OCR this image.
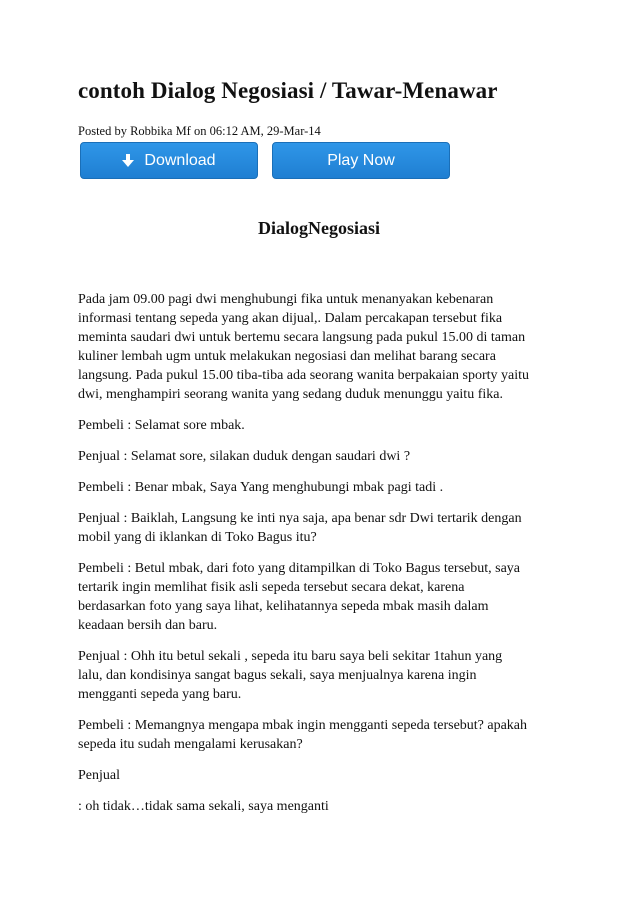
contoh Dialog Negosiasi / Tawar-Menawar
Posted by Robbika Mf on 06:12 AM, 29-Mar-14
Download	Play Now
DialogNegosiasi

Pada jam 09.00 pagi dwi menghubungi fika untuk menanyakan kebenaran
informasi tentang sepeda yang akan dijual,. Dalam percakapan tersebut fika
meminta saudari dwi untuk bertemu secara langsung pada pukul 15.00 di taman
kuliner lembah ugm untuk melakukan negosiasi dan melihat barang secara
langsung. Pada pukul 15.00 tiba-tiba ada seorang wanita berpakaian sporty yaitu
dwi, menghampiri seorang wanita yang sedang duduk menunggu yaitu fika.

Pembeli : Selamat sore mbak.

Penjual : Selamat sore, silakan duduk dengan saudari dwi ?

Pembeli : Benar mbak, Saya Yang menghubungi mbak pagi tadi .

Penjual : Baiklah, Langsung ke inti nya saja, apa benar sdr Dwi tertarik dengan
mobil yang di iklankan di Toko Bagus itu?

Pembeli : Betul mbak, dari foto yang ditampilkan di Toko Bagus tersebut, saya
tertarik ingin memlihat fisik asli sepeda tersebut secara dekat, karena
berdasarkan foto yang saya lihat, kelihatannya sepeda mbak masih dalam
keadaan bersih dan baru.

Penjual : Ohh itu betul sekali , sepeda itu baru saya beli sekitar 1tahun yang
lalu, dan kondisinya sangat bagus sekali, saya menjualnya karena ingin
mengganti sepeda yang baru.

Pembeli : Memangnya mengapa mbak ingin mengganti sepeda tersebut? apakah
sepeda itu sudah mengalami kerusakan?

Penjual

: oh tidak…tidak sama sekali, saya menganti
